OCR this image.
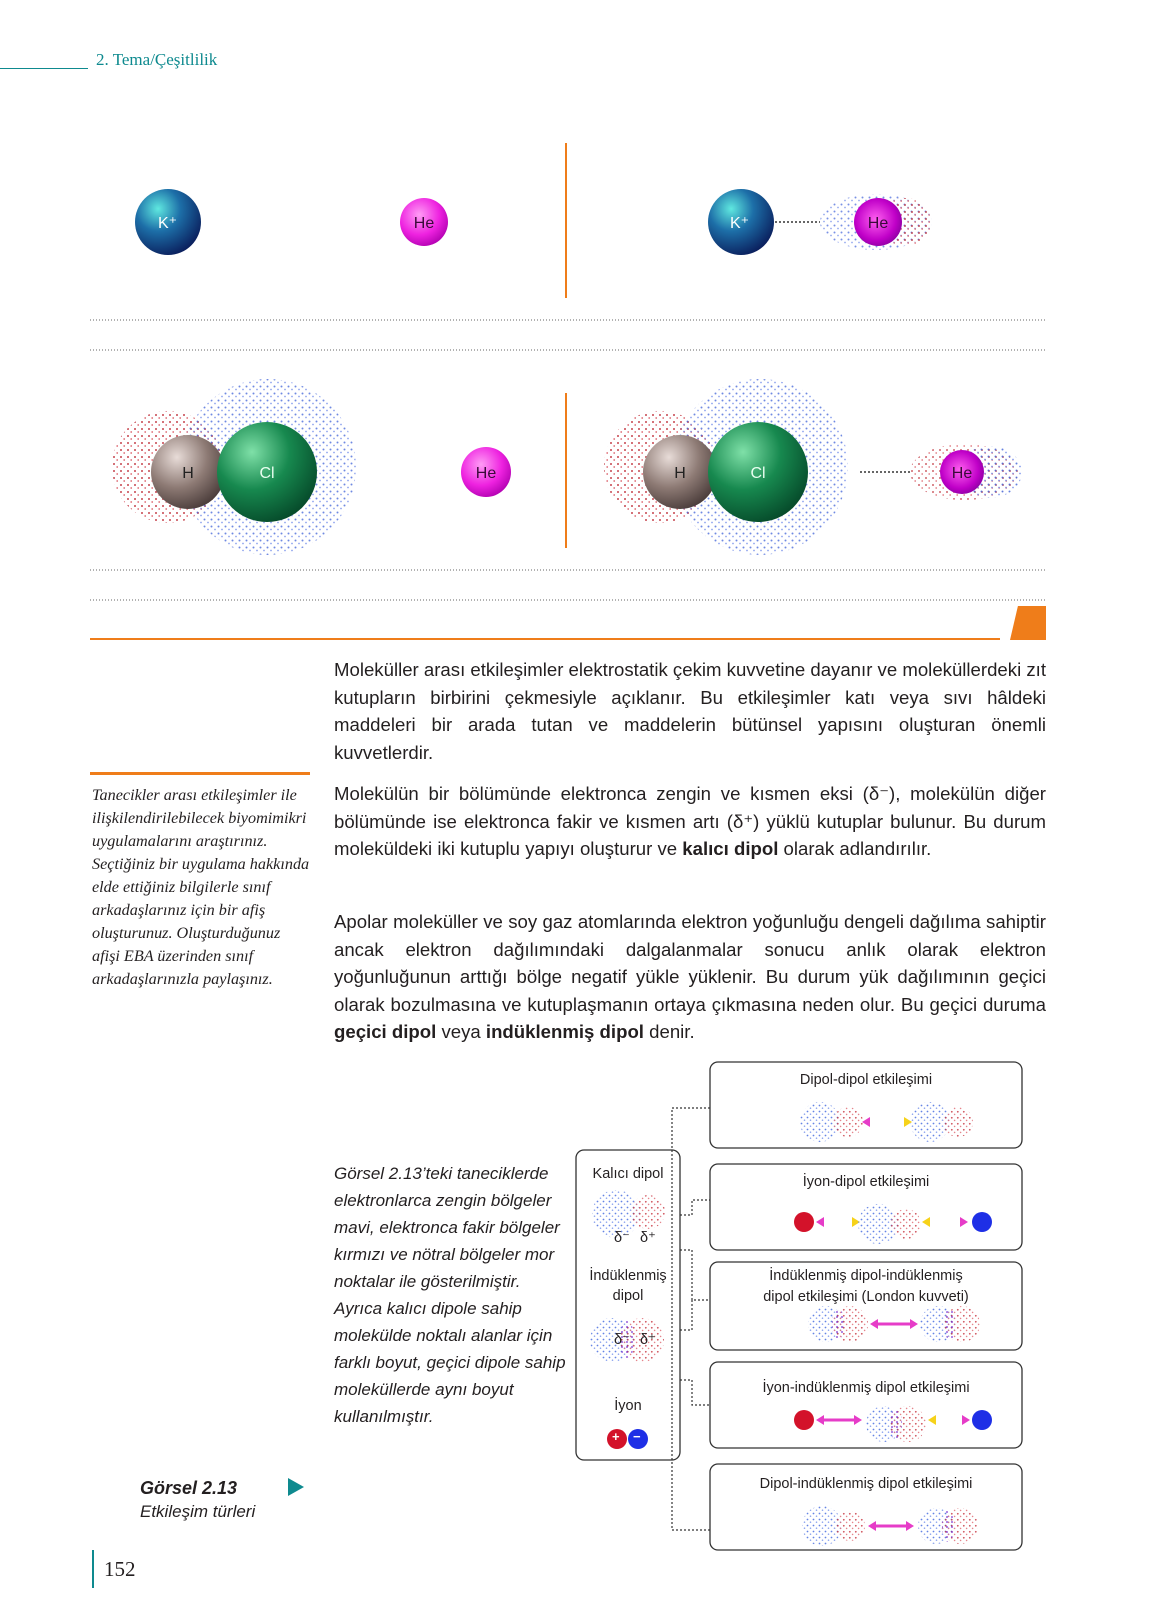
2. Tema/Çeşitlilik
K⁺	He	K⁺	He
H	Cl	He	H	Cl	He

Moleküller arası etkileşimler elektrostatik çekim kuvvetine dayanır ve moleküllerdeki zıt kutupların birbirini çekmesiyle açıklanır. Bu etkileşimler katı veya sıvı hâldeki maddeleri bir arada tutan ve maddelerin bütünsel yapısını oluşturan önemli kuvvetlerdir.

Molekülün bir bölümünde elektronca zengin ve kısmen eksi (δ⁻), molekülün diğer bölümünde ise elektronca fakir ve kısmen artı (δ⁺) yüklü kutuplar bulunur. Bu durum moleküldeki iki kutuplu yapıyı oluşturur ve kalıcı dipol olarak adlandırılır.

Apolar moleküller ve soy gaz atomlarında elektron yoğunluğu dengeli dağılıma sahiptir ancak elektron dağılımındaki dalgalanmalar sonucu anlık olarak elektron yoğunluğunun arttığı bölge negatif yükle yüklenir. Bu durum yük dağılımının geçici olarak bozulmasına ve kutuplaşmanın ortaya çıkmasına neden olur. Bu geçici duruma geçici dipol veya indüklenmiş dipol denir.

Tanecikler arası etkileşimler ile ilişkilendirilebilecek biyomimikri uygulamalarını araştırınız. Seçtiğiniz bir uygulama hakkında elde ettiğiniz bilgilerle sınıf arkadaşlarınız için bir afiş oluşturunuz. Oluşturduğunuz afişi EBA üzerinden sınıf arkadaşlarınızla paylaşınız.

Görsel 2.13’teki taneciklerde elektronlarca zengin bölgeler mavi, elektronca fakir bölgeler kırmızı ve nötral bölgeler mor noktalar ile gösterilmiştir. Ayrıca kalıcı dipole sahip molekülde noktalı alanlar için farklı boyut, geçici dipole sahip moleküllerde aynı boyut kullanılmıştır.

Görsel 2.13
Etkileşim türleri
Kalıcı dipol
δ⁻ δ⁺
İndüklenmiş
dipol
δ⁻ δ⁺
İyon
+ −
Dipol-dipol etkileşimi
İyon-dipol etkileşimi
İndüklenmiş dipol-indüklenmiş
dipol etkileşimi (London kuvveti)
İyon-indüklenmiş dipol etkileşimi
Dipol-indüklenmiş dipol etkileşimi
152
